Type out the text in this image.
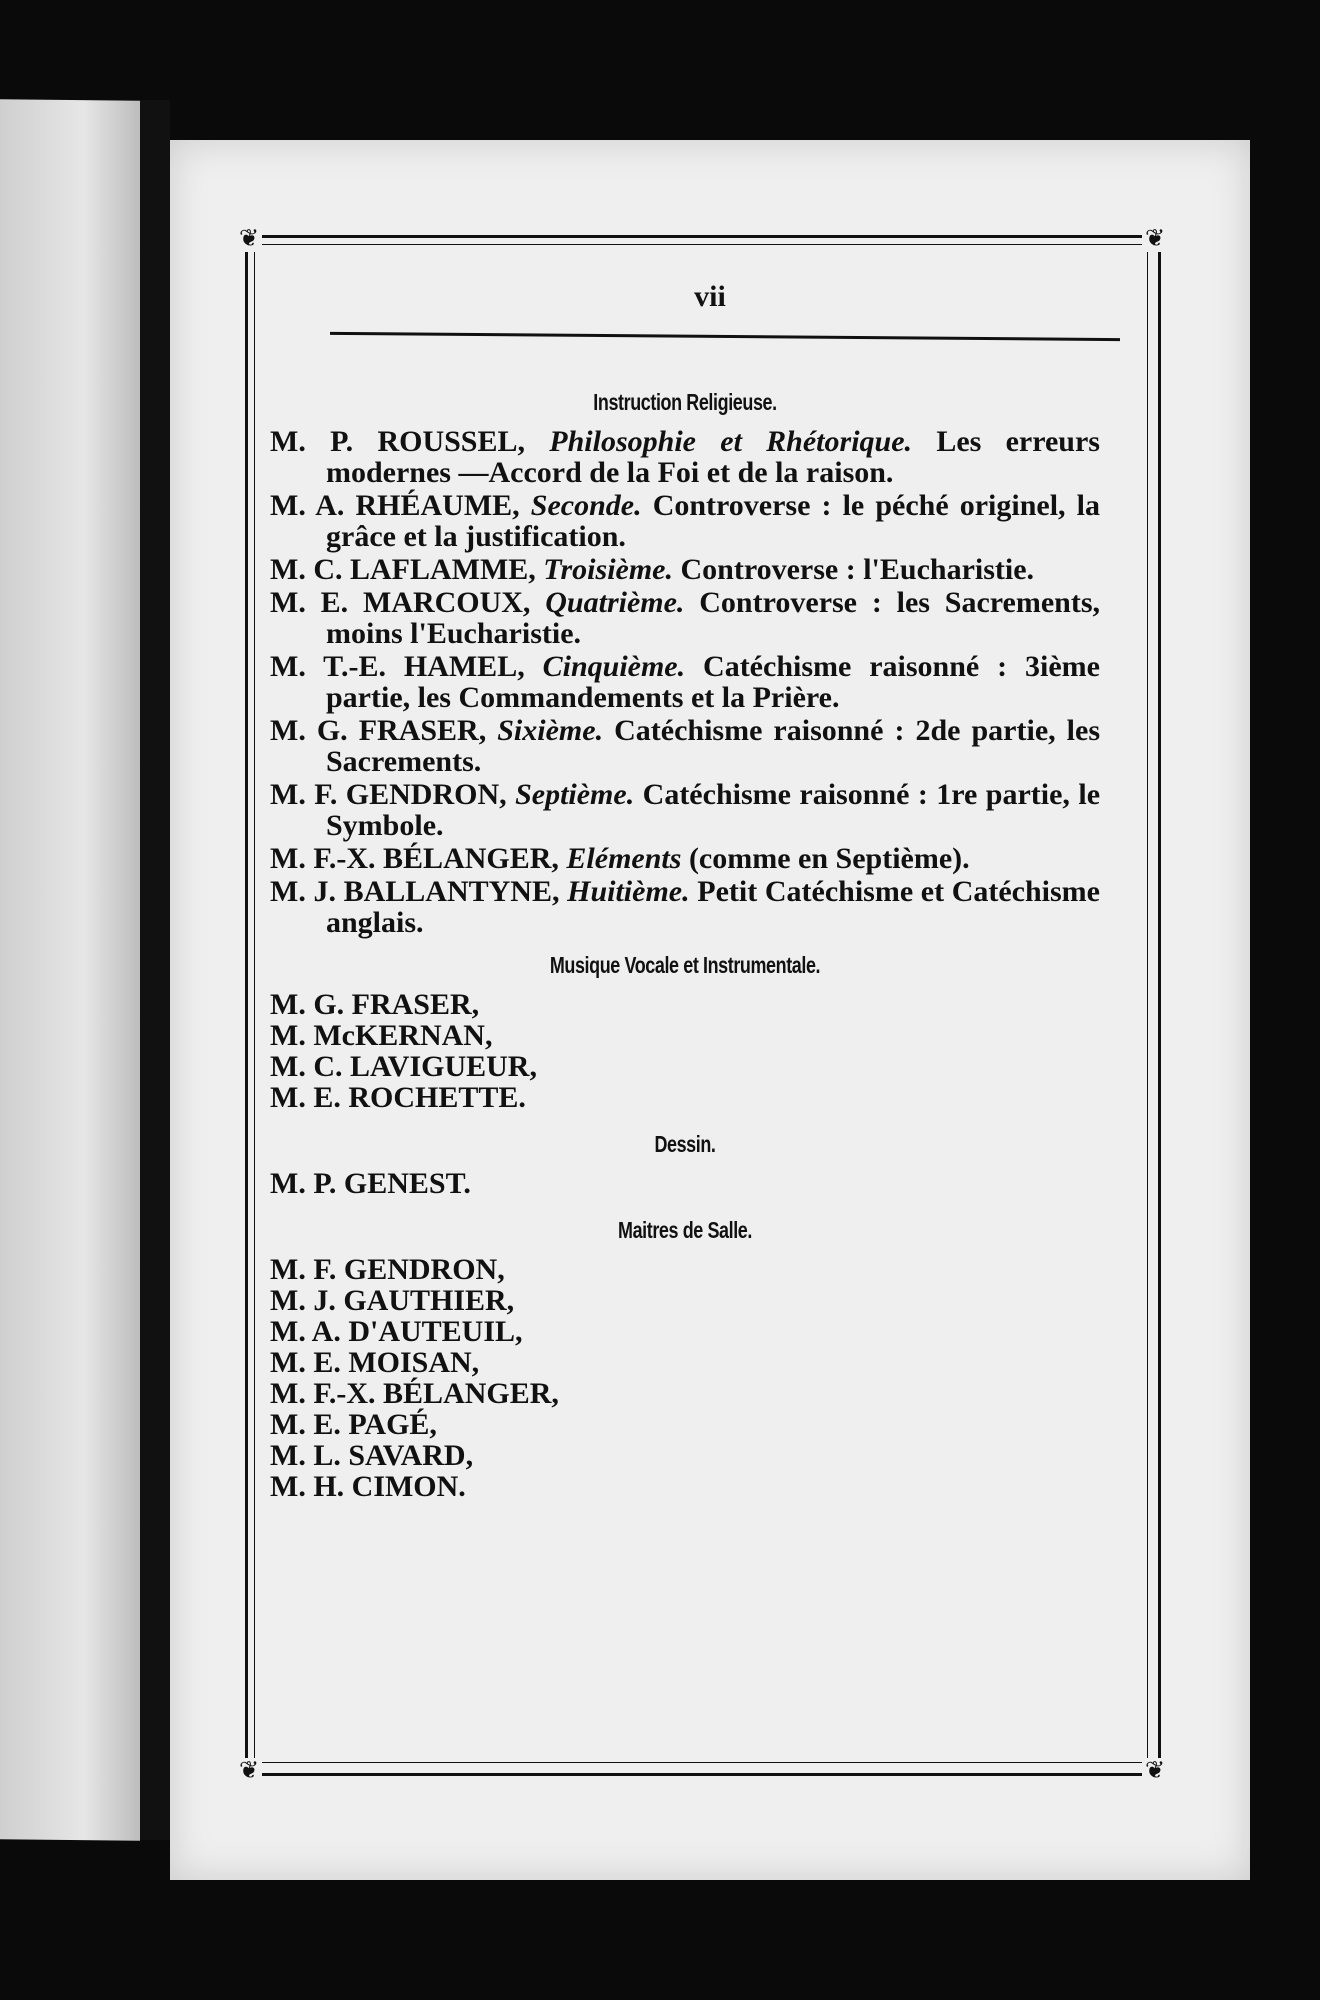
❦	❦
❦	❦
vii
Instruction Religieuse.
M. P. ROUSSEL, Philosophie et Rhétorique. Les erreurs modernes —Accord de la Foi et de la raison.
M. A. RHÉAUME, Seconde. Controverse : le péché originel, la grâce et la justification.
M. C. LAFLAMME, Troisième. Controverse : l'Eucharistie.
M. E. MARCOUX, Quatrième. Controverse : les Sacrements, moins l'Eucharistie.
M. T.-E. HAMEL, Cinquième. Catéchisme raisonné : 3ième partie, les Commandements et la Prière.
M. G. FRASER, Sixième. Catéchisme raisonné : 2de partie, les Sacrements.
M. F. GENDRON, Septième. Catéchisme raisonné : 1re partie, le Symbole.
M. F.-X. BÉLANGER, Eléments (comme en Septième).
M. J. BALLANTYNE, Huitième. Petit Catéchisme et Catéchisme anglais.
Musique Vocale et Instrumentale.
M. G. FRASER,
M. McKERNAN,
M. C. LAVIGUEUR,
M. E. ROCHETTE.
Dessin.
M. P. GENEST.
Maitres de Salle.
M. F. GENDRON,
M. J. GAUTHIER,
M. A. D'AUTEUIL,
M. E. MOISAN,
M. F.-X. BÉLANGER,
M. E. PAGÉ,
M. L. SAVARD,
M. H. CIMON.
